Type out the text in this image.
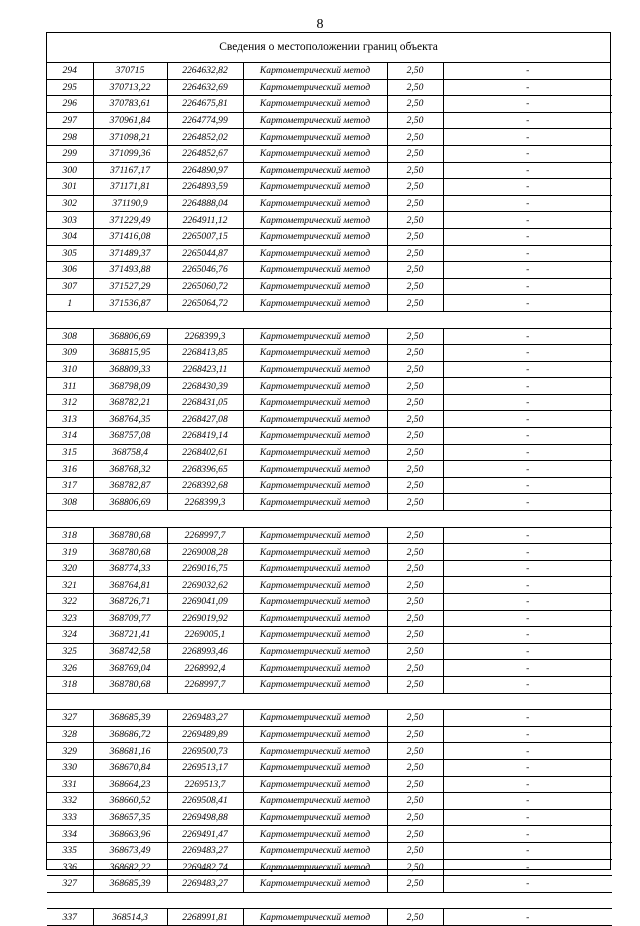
8
Сведения о местоположении границ объекта
294	370715	2264632,82	Картометрический метод	2,50	-
295	370713,22	2264632,69	Картометрический метод	2,50	-
296	370783,61	2264675,81	Картометрический метод	2,50	-
297	370961,84	2264774,99	Картометрический метод	2,50	-
298	371098,21	2264852,02	Картометрический метод	2,50	-
299	371099,36	2264852,67	Картометрический метод	2,50	-
300	371167,17	2264890,97	Картометрический метод	2,50	-
301	371171,81	2264893,59	Картометрический метод	2,50	-
302	371190,9	2264888,04	Картометрический метод	2,50	-
303	371229,49	2264911,12	Картометрический метод	2,50	-
304	371416,08	2265007,15	Картометрический метод	2,50	-
305	371489,37	2265044,87	Картометрический метод	2,50	-
306	371493,88	2265046,76	Картометрический метод	2,50	-
307	371527,29	2265060,72	Картометрический метод	2,50	-
1	371536,87	2265064,72	Картометрический метод	2,50	-

308	368806,69	2268399,3	Картометрический метод	2,50	-
309	368815,95	2268413,85	Картометрический метод	2,50	-
310	368809,33	2268423,11	Картометрический метод	2,50	-
311	368798,09	2268430,39	Картометрический метод	2,50	-
312	368782,21	2268431,05	Картометрический метод	2,50	-
313	368764,35	2268427,08	Картометрический метод	2,50	-
314	368757,08	2268419,14	Картометрический метод	2,50	-
315	368758,4	2268402,61	Картометрический метод	2,50	-
316	368768,32	2268396,65	Картометрический метод	2,50	-
317	368782,87	2268392,68	Картометрический метод	2,50	-
308	368806,69	2268399,3	Картометрический метод	2,50	-

318	368780,68	2268997,7	Картометрический метод	2,50	-
319	368780,68	2269008,28	Картометрический метод	2,50	-
320	368774,33	2269016,75	Картометрический метод	2,50	-
321	368764,81	2269032,62	Картометрический метод	2,50	-
322	368726,71	2269041,09	Картометрический метод	2,50	-
323	368709,77	2269019,92	Картометрический метод	2,50	-
324	368721,41	2269005,1	Картометрический метод	2,50	-
325	368742,58	2268993,46	Картометрический метод	2,50	-
326	368769,04	2268992,4	Картометрический метод	2,50	-
318	368780,68	2268997,7	Картометрический метод	2,50	-

327	368685,39	2269483,27	Картометрический метод	2,50	-
328	368686,72	2269489,89	Картометрический метод	2,50	-
329	368681,16	2269500,73	Картометрический метод	2,50	-
330	368670,84	2269513,17	Картометрический метод	2,50	-
331	368664,23	2269513,7	Картометрический метод	2,50	-
332	368660,52	2269508,41	Картометрический метод	2,50	-
333	368657,35	2269498,88	Картометрический метод	2,50	-
334	368663,96	2269491,47	Картометрический метод	2,50	-
335	368673,49	2269483,27	Картометрический метод	2,50	-
336	368682,22	2269482,74	Картометрический метод	2,50	-
327	368685,39	2269483,27	Картометрический метод	2,50	-

337	368514,3	2268991,81	Картометрический метод	2,50	-
